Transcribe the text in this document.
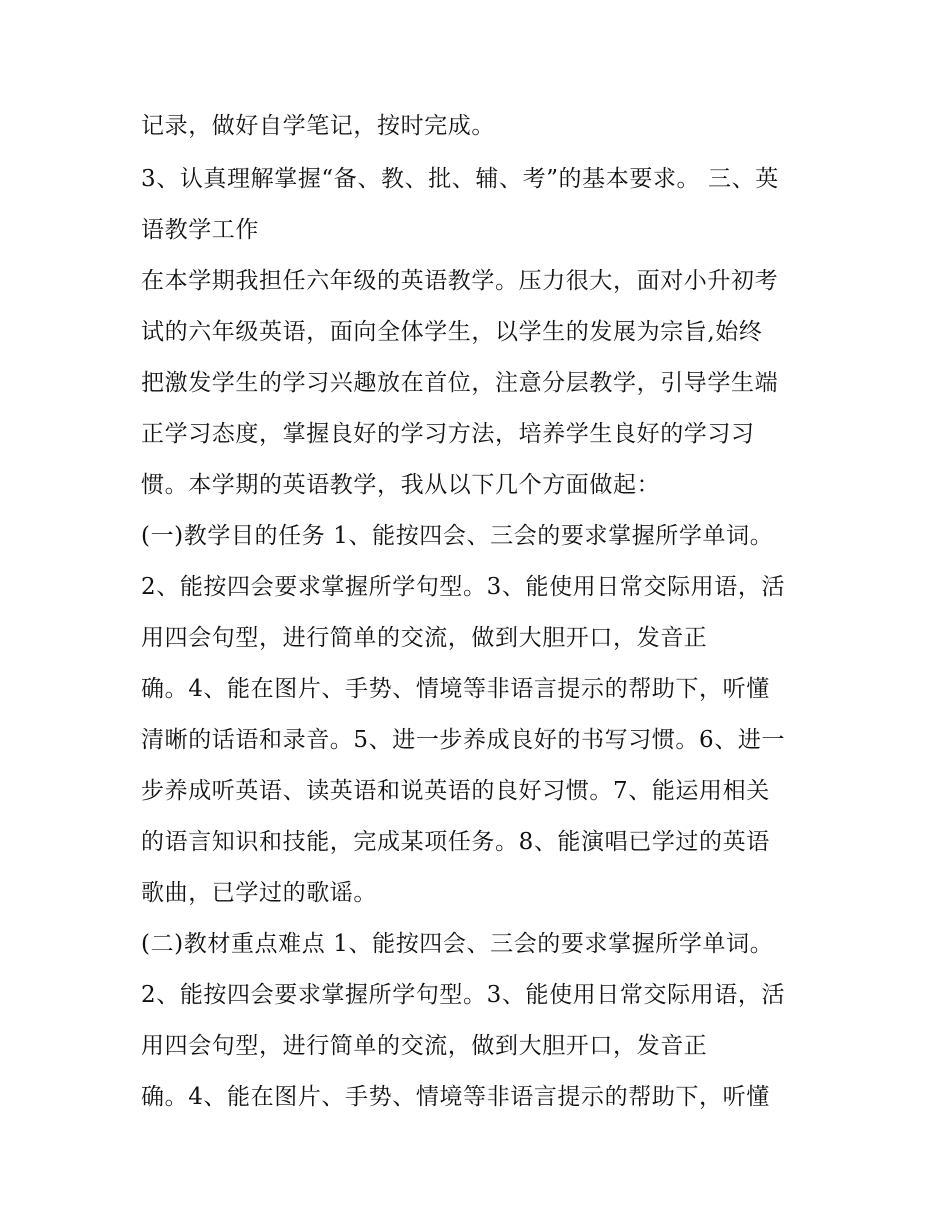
记录，做好自学笔记，按时完成。
3、认真理解掌握“备、教、批、辅、考”的基本要求。 三、英
语教学工作
在本学期我担任六年级的英语教学。压力很大，面对小升初考
试的六年级英语，面向全体学生，以学生的发展为宗旨,始终
把激发学生的学习兴趣放在首位，注意分层教学，引导学生端
正学习态度，掌握良好的学习方法，培养学生良好的学习习
惯。本学期的英语教学，我从以下几个方面做起：
(一)教学目的任务 1、能按四会、三会的要求掌握所学单词。
2、能按四会要求掌握所学句型。3、能使用日常交际用语，活
用四会句型，进行简单的交流，做到大胆开口，发音正
确。4、能在图片、手势、情境等非语言提示的帮助下，听懂
清晰的话语和录音。5、进一步养成良好的书写习惯。6、进一
步养成听英语、读英语和说英语的良好习惯。7、能运用相关
的语言知识和技能，完成某项任务。8、能演唱已学过的英语
歌曲，已学过的歌谣。
(二)教材重点难点 1、能按四会、三会的要求掌握所学单词。
2、能按四会要求掌握所学句型。3、能使用日常交际用语，活
用四会句型，进行简单的交流，做到大胆开口，发音正
确。4、能在图片、手势、情境等非语言提示的帮助下，听懂
